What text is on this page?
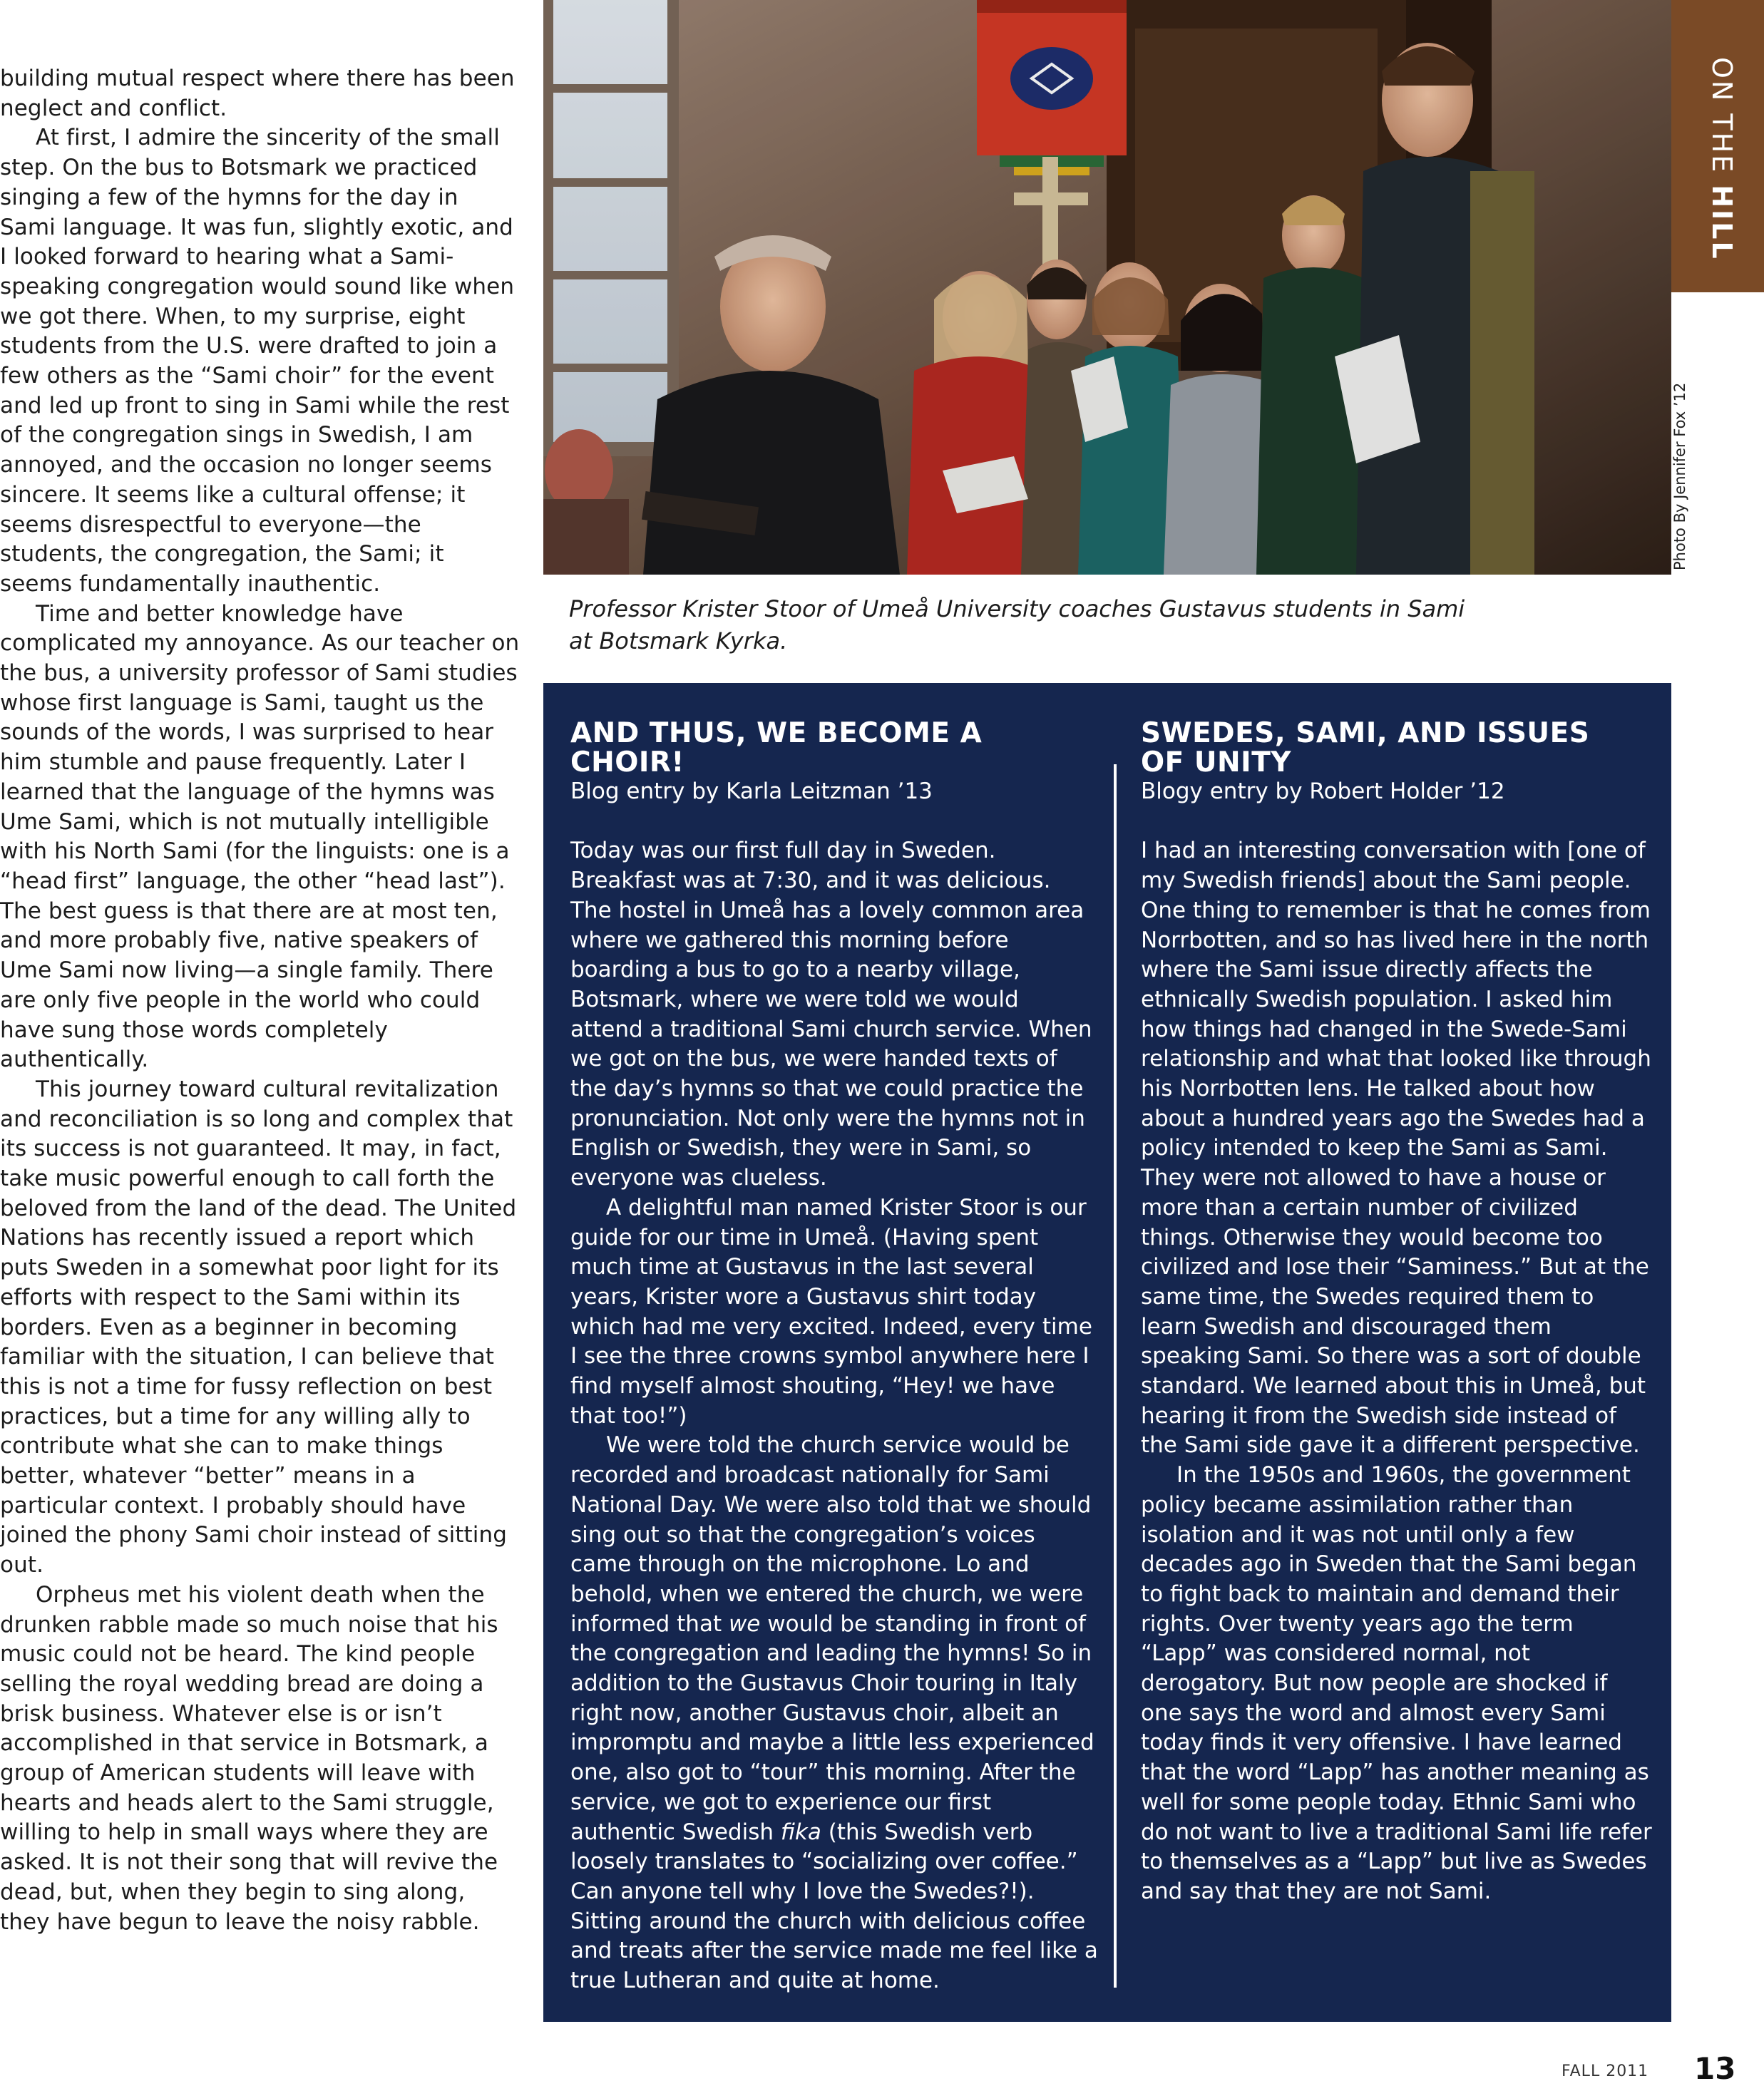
building mutual respect where there has been neglect and conflict.

At first, I admire the sincerity of the small step. On the bus to Botsmark we practiced singing a few of the hymns for the day in Sami language. It was fun, slightly exotic, and I looked forward to hearing what a Sami-speaking congregation would sound like when we got there. When, to my surprise, eight students from the U.S. were drafted to join a few others as the “Sami choir” for the event and led up front to sing in Sami while the rest of the congregation sings in Swedish, I am annoyed, and the occasion no longer seems sincere. It seems like a cultural offense; it seems disrespectful to everyone—the students, the congregation, the Sami; it seems fundamentally inauthentic.

Time and better knowledge have complicated my annoyance. As our teacher on the bus, a university professor of Sami studies whose first language is Sami, taught us the sounds of the words, I was surprised to hear him stumble and pause frequently. Later I learned that the language of the hymns was Ume Sami, which is not mutually intelligible with his North Sami (for the linguists: one is a “head first” language, the other “head last”). The best guess is that there are at most ten, and more probably five, native speakers of Ume Sami now living—a single family. There are only five people in the world who could have sung those words completely authentically.

This journey toward cultural revitalization and reconciliation is so long and complex that its success is not guaranteed. It may, in fact, take music powerful enough to call forth the beloved from the land of the dead. The United Nations has recently issued a report which puts Sweden in a somewhat poor light for its efforts with respect to the Sami within its borders. Even as a beginner in becoming familiar with the situation, I can believe that this is not a time for fussy reflection on best practices, but a time for any willing ally to contribute what she can to make things better, whatever “better” means in a particular context. I probably should have joined the phony Sami choir instead of sitting out.

Orpheus met his violent death when the drunken rabble made so much noise that his music could not be heard. The kind people selling the royal wedding bread are doing a brisk business. Whatever else is or isn’t accomplished in that service in Botsmark, a group of American students will leave with hearts and heads alert to the Sami struggle, willing to help in small ways where they are asked. It is not their song that will revive the dead, but, when they begin to sing along, they have begun to leave the noisy rabble.

ON THE HILL
Photo By Jennifer Fox ’12
Professor Krister Stoor of Umeå University coaches Gustavus students in Sami at Botsmark Kyrka.
AND THUS, WE BECOME A CHOIR!

Blog entry by Karla Leitzman ’13

Today was our first full day in Sweden. Breakfast was at 7:30, and it was delicious. The hostel in Umeå has a lovely common area where we gathered this morning before boarding a bus to go to a nearby village, Botsmark, where we were told we would attend a traditional Sami church service. When we got on the bus, we were handed texts of the day’s hymns so that we could practice the pronunciation. Not only were the hymns not in English or Swedish, they were in Sami, so everyone was clueless.

A delightful man named Krister Stoor is our guide for our time in Umeå. (Having spent much time at Gustavus in the last several years, Krister wore a Gustavus shirt today which had me very excited. Indeed, every time I see the three crowns symbol anywhere here I find myself almost shouting, “Hey! we have that too!”)

We were told the church service would be recorded and broadcast nationally for Sami National Day. We were also told that we should sing out so that the congregation’s voices came through on the microphone. Lo and behold, when we entered the church, we were informed that we would be standing in front of the congregation and leading the hymns! So in addition to the Gustavus Choir touring in Italy right now, another Gustavus choir, albeit an impromptu and maybe a little less experienced one, also got to “tour” this morning. After the service, we got to experience our first authentic Swedish fika (this Swedish verb loosely translates to “socializing over coffee.” Can anyone tell why I love the Swedes?!). Sitting around the church with delicious coffee and treats after the service made me feel like a true Lutheran and quite at home.

SWEDES, SAMI, AND ISSUES
OF UNITY

Blogy entry by Robert Holder ’12

I had an interesting conversation with [one of my Swedish friends] about the Sami people. One thing to remember is that he comes from Norrbotten, and so has lived here in the north where the Sami issue directly affects the ethnically Swedish population. I asked him how things had changed in the Swede-Sami relationship and what that looked like through his Norrbotten lens. He talked about how about a hundred years ago the Swedes had a policy intended to keep the Sami as Sami. They were not allowed to have a house or more than a certain number of civilized things. Otherwise they would become too civilized and lose their “Saminess.” But at the same time, the Swedes required them to learn Swedish and discouraged them speaking Sami. So there was a sort of double standard. We learned about this in Umeå, but hearing it from the Swedish side instead of the Sami side gave it a different perspective.

In the 1950s and 1960s, the government policy became assimilation rather than isolation and it was not until only a few decades ago in Sweden that the Sami began to fight back to maintain and demand their rights. Over twenty years ago the term “Lapp” was considered normal, not derogatory. But now people are shocked if one says the word and almost every Sami today finds it very offensive. I have learned that the word “Lapp” has another meaning as well for some people today. Ethnic Sami who do not want to live a traditional Sami life refer to themselves as a “Lapp” but live as Swedes and say that they are not Sami.

FALL 2011 13
